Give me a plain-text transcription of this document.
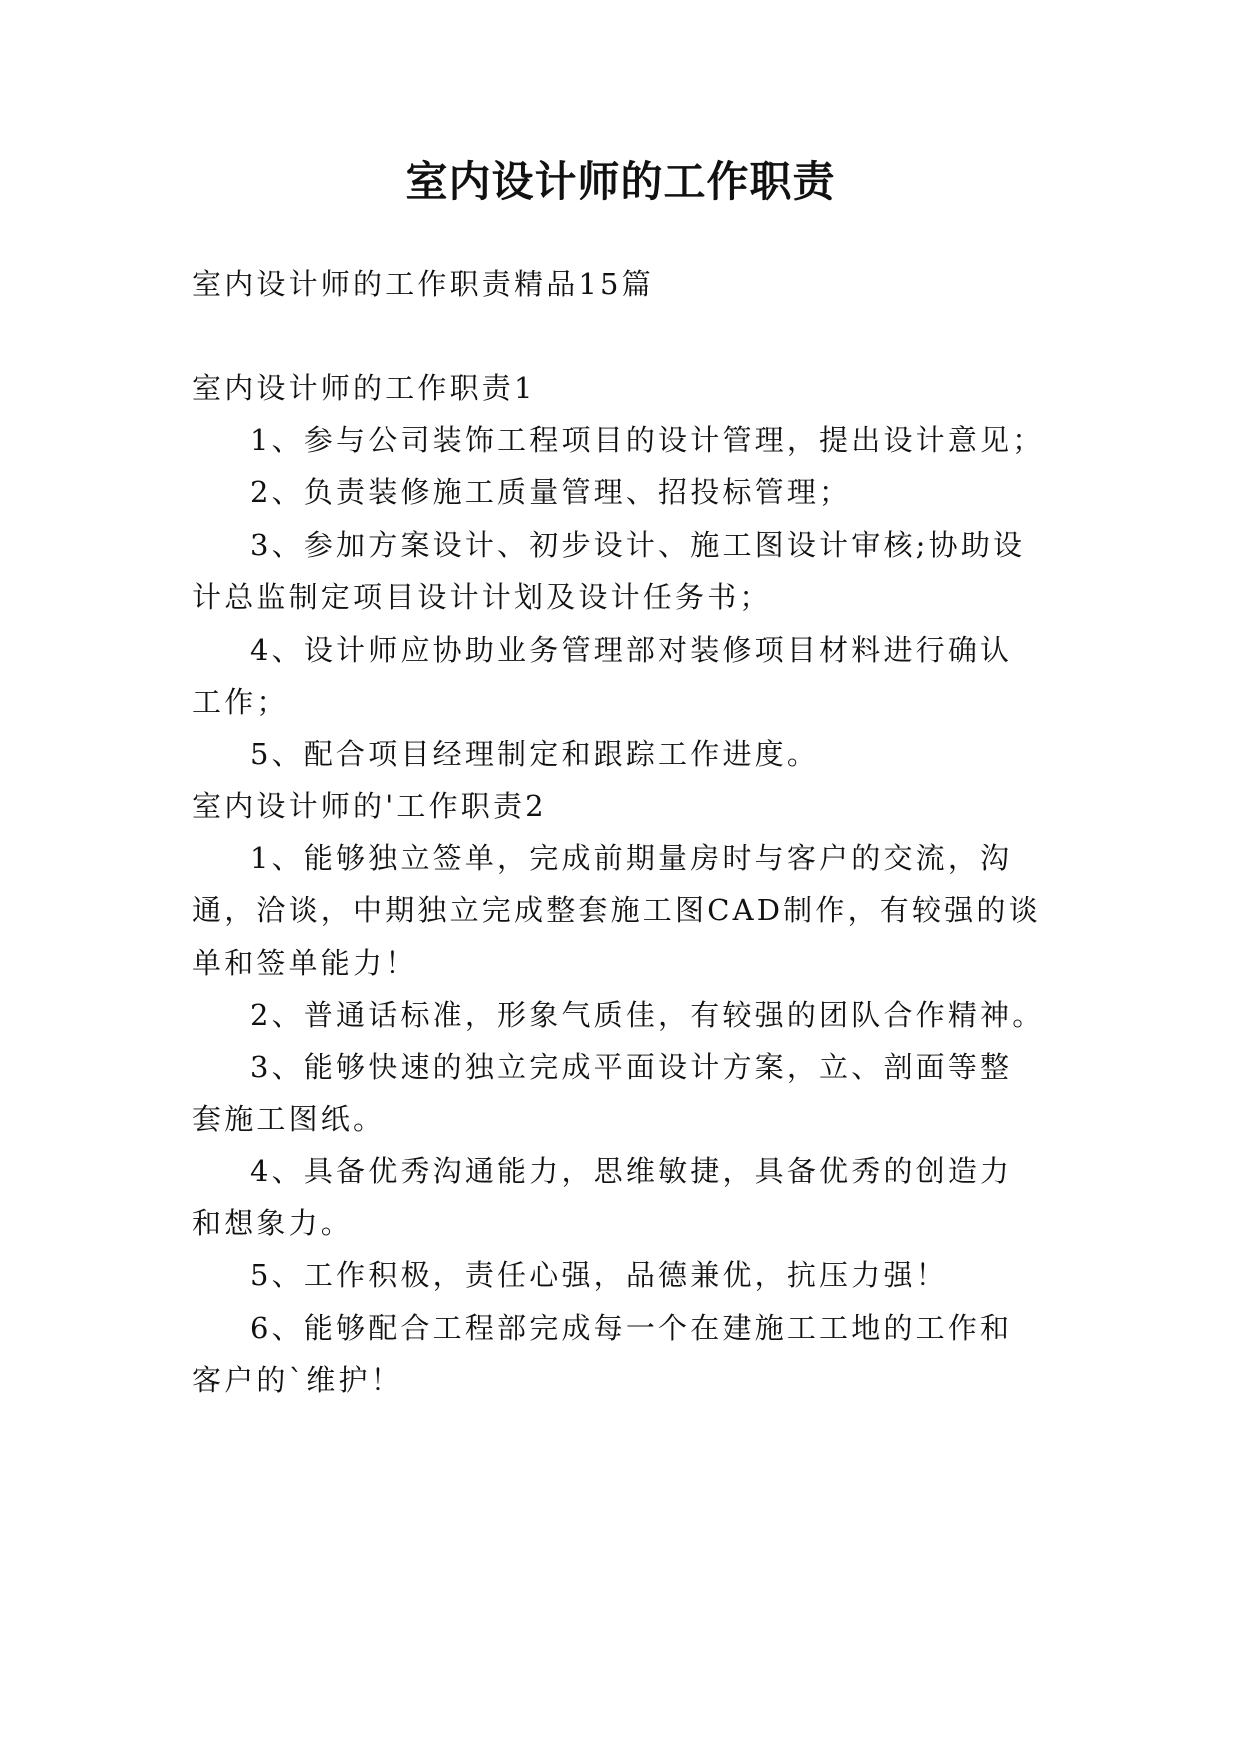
室内设计师的工作职责
室内设计师的工作职责精品15篇
室内设计师的工作职责1
1、参与公司装饰工程项目的设计管理，提出设计意见；
2、负责装修施工质量管理、招投标管理；
3、参加方案设计、初步设计、施工图设计审核;协助设
计总监制定项目设计计划及设计任务书；
4、设计师应协助业务管理部对装修项目材料进行确认
工作；
5、配合项目经理制定和跟踪工作进度。
室内设计师的'工作职责2
1、能够独立签单，完成前期量房时与客户的交流，沟
通，洽谈，中期独立完成整套施工图CAD制作，有较强的谈
单和签单能力！
2、普通话标准，形象气质佳，有较强的团队合作精神。
3、能够快速的独立完成平面设计方案，立、剖面等整
套施工图纸。
4、具备优秀沟通能力，思维敏捷，具备优秀的创造力
和想象力。
5、工作积极，责任心强，品德兼优，抗压力强！
6、能够配合工程部完成每一个在建施工工地的工作和
客户的`维护！
